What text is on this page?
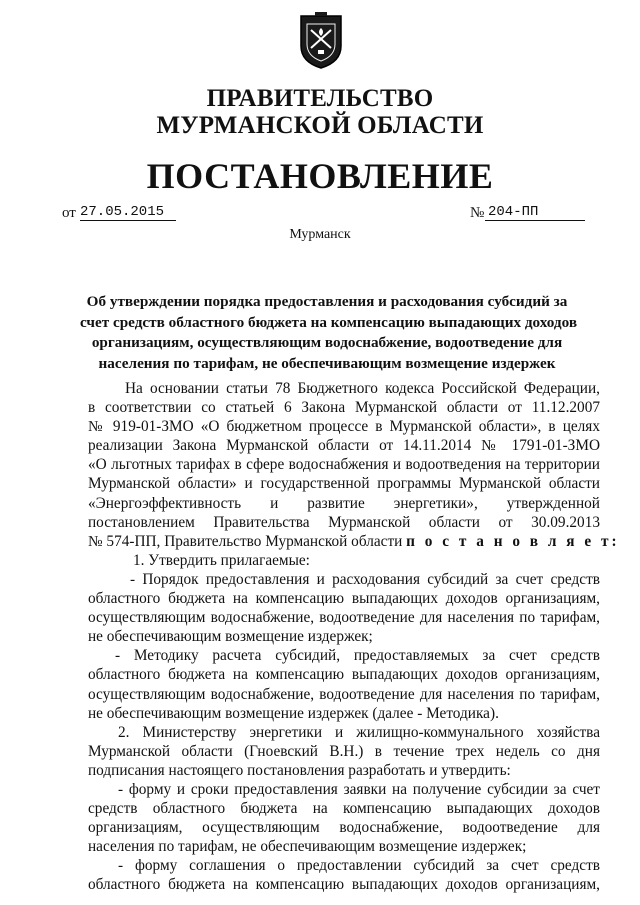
ПРАВИТЕЛЬСТВО
МУРМАНСКОЙ ОБЛАСТИ
ПОСТАНОВЛЕНИЕ
от 27.05.2015	№ 204-ПП
Мурманск
Об утверждении порядка предоставления и расходования субсидий за
счет средств областного бюджета на компенсацию выпадающих доходов
организациям, осуществляющим водоснабжение, водоотведение для
населения по тарифам, не обеспечивающим возмещение издержек
На основании статьи 78 Бюджетного кодекса Российской Федерации,
в соответствии со статьей 6 Закона Мурманской области от 11.12.2007
№ 919-01-ЗМО «О бюджетном процессе в Мурманской области», в целях
реализации Закона Мурманской области от 14.11.2014 № 1791-01-ЗМО
«О льготных тарифах в сфере водоснабжения и водоотведения на территории
Мурманской области» и государственной программы Мурманской области
«Энергоэффективность и развитие энергетики», утвержденной
постановлением Правительства Мурманской области от 30.09.2013
№ 574-ПП, Правительство Мурманской области п о с т а н о в л я е т:
1. Утвердить прилагаемые:
- Порядок предоставления и расходования субсидий за счет средств
областного бюджета на компенсацию выпадающих доходов организациям,
осуществляющим водоснабжение, водоотведение для населения по тарифам,
не обеспечивающим возмещение издержек;
- Методику расчета субсидий, предоставляемых за счет средств
областного бюджета на компенсацию выпадающих доходов организациям,
осуществляющим водоснабжение, водоотведение для населения по тарифам,
не обеспечивающим возмещение издержек (далее - Методика).
2. Министерству энергетики и жилищно-коммунального хозяйства
Мурманской области (Гноевский В.Н.) в течение трех недель со дня
подписания настоящего постановления разработать и утвердить:
- форму и сроки предоставления заявки на получение субсидии за счет
средств областного бюджета на компенсацию выпадающих доходов
организациям, осуществляющим водоснабжение, водоотведение для
населения по тарифам, не обеспечивающим возмещение издержек;
- форму соглашения о предоставлении субсидий за счет средств
областного бюджета на компенсацию выпадающих доходов организациям,
